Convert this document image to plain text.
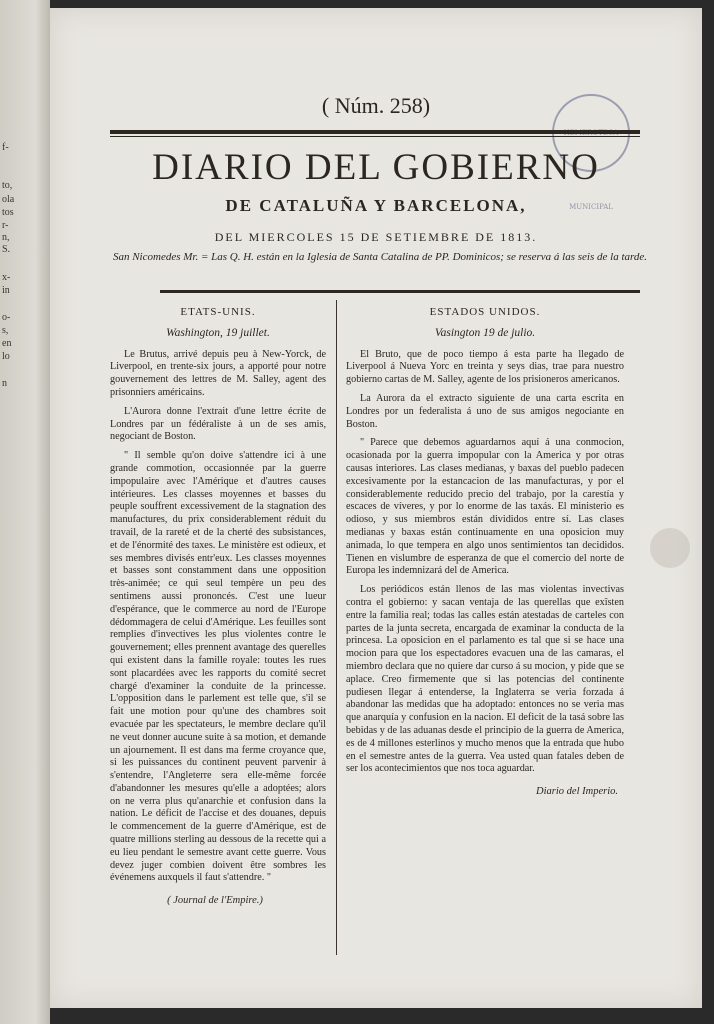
f-
to,
ola
tos
r-
n,
S.
x-
in
o-
s,
en
lo
n
( Núm. 258)
MUNICIPAL
DIARIO DEL GOBIERNO
DE CATALUÑA Y BARCELONA,
DEL MIERCOLES 15 DE SETIEMBRE DE 1813.
San Nicomedes Mr. = Las Q. H. están en la Iglesia de Santa Catalina de PP. Dominicos; se reserva á las seis de la tarde.
ETATS-UNIS.
Washington, 19 juillet.

Le Brutus, arrivé depuis peu à New-Yorck, de Liverpool, en trente-six jours, a apporté pour notre gouvernement des lettres de M. Salley, agent des prisonniers américains.

L'Aurora donne l'extrait d'une lettre écrite de Londres par un fédéraliste à un de ses amis, negociant de Boston.

" Il semble qu'on doive s'attendre ici à une grande commotion, occasionnée par la guerre impopulaire avec l'Amérique et d'autres causes intérieures. Les classes moyennes et basses du peuple souffrent excessivement de la stagnation des manufactures, du prix considerablement réduit du travail, de la rareté et de la cherté des subsistances, et de l'énormité des taxes. Le ministère est odieux, et ses membres divisés entr'eux. Les classes moyennes et basses sont constamment dans une opposition très-animée; ce qui seul tempère un peu des sentimens aussi prononcés. C'est une lueur d'espérance, que le commerce au nord de l'Europe dédommagera de celui d'Amérique. Les feuilles sont remplies d'invectives les plus violentes contre le gouvernement; elles prennent avantage des querelles qui existent dans la famille royale: toutes les rues sont placardées avec les rapports du comité secret chargé d'examiner la conduite de la princesse. L'opposition dans le parlement est telle que, s'il se fait une motion pour qu'une des chambres soit evacuée par les spectateurs, le membre declare qu'il ne veut donner aucune suite à sa motion, et demande un ajournement. Il est dans ma ferme croyance que, si les puissances du continent peuvent parvenir à s'entendre, l'Angleterre sera elle-même forcée d'abandonner les mesures qu'elle a adoptées; alors on ne verra plus qu'anarchie et confusion dans la nation. Le déficit de l'accise et des douanes, depuis le commencement de la guerre d'Amérique, est de quatre millions sterling au dessous de la recette qui a eu lieu pendant le semestre avant cette guerre. Vous devez juger combien doivent être sombres les événemens auxquels il faut s'attendre. "

( Journal de l'Empire.)
ESTADOS UNIDOS.
Vasington 19 de julio.

El Bruto, que de poco tiempo á esta parte ha llegado de Liverpool á Nueva Yorc en treinta y seys dias, trae para nuestro gobierno cartas de M. Salley, agente de los prisioneros americanos.

La Aurora da el extracto siguiente de una carta escrita en Londres por un federalista á uno de sus amigos negociante en Boston.

" Parece que debemos aguardarnos aquí á una conmocion, ocasionada por la guerra impopular con la America y por otras causas interiores. Las clases medianas, y baxas del pueblo padecen excesivamente por la estancacion de las manufacturas, y por el considerablemente reducido precio del trabajo, por la carestía y escaces de víveres, y por lo enorme de las taxás. El ministerio es odioso, y sus miembros están divididos entre sí. Las clases medianas y baxas están continuamente en una oposicion muy animada, lo que tempera en algo unos sentimientos tan decididos. Tienen en vislumbre de esperanza de que el comercio del norte de Europa les indemnizará del de America.

Los periódicos están llenos de las mas violentas invectivas contra el gobierno: y sacan ventaja de las querellas que exîsten entre la familia real; todas las calles están atestadas de carteles con partes de la junta secreta, encargada de examinar la conducta de la princesa. La oposicion en el parlamento es tal que si se hace una mocion para que los espectadores evacuen una de las camaras, el miembro declara que no quiere dar curso á su mocion, y pide que se aplace. Creo firmemente que si las potencias del continente pudiesen llegar á entenderse, la Inglaterra se veria forzada á abandonar las medidas que ha adoptado: entonces no se veria mas que anarquía y confusion en la nacion. El deficit de la tasá sobre las bebidas y de las aduanas desde el principio de la guerra de America, es de 4 millones esterlinos y mucho menos que la entrada que hubo en el semestre antes de la guerra. Vea usted quan fatales deben de ser los acontecimientos que nos toca aguardar.

Diario del Imperio.
